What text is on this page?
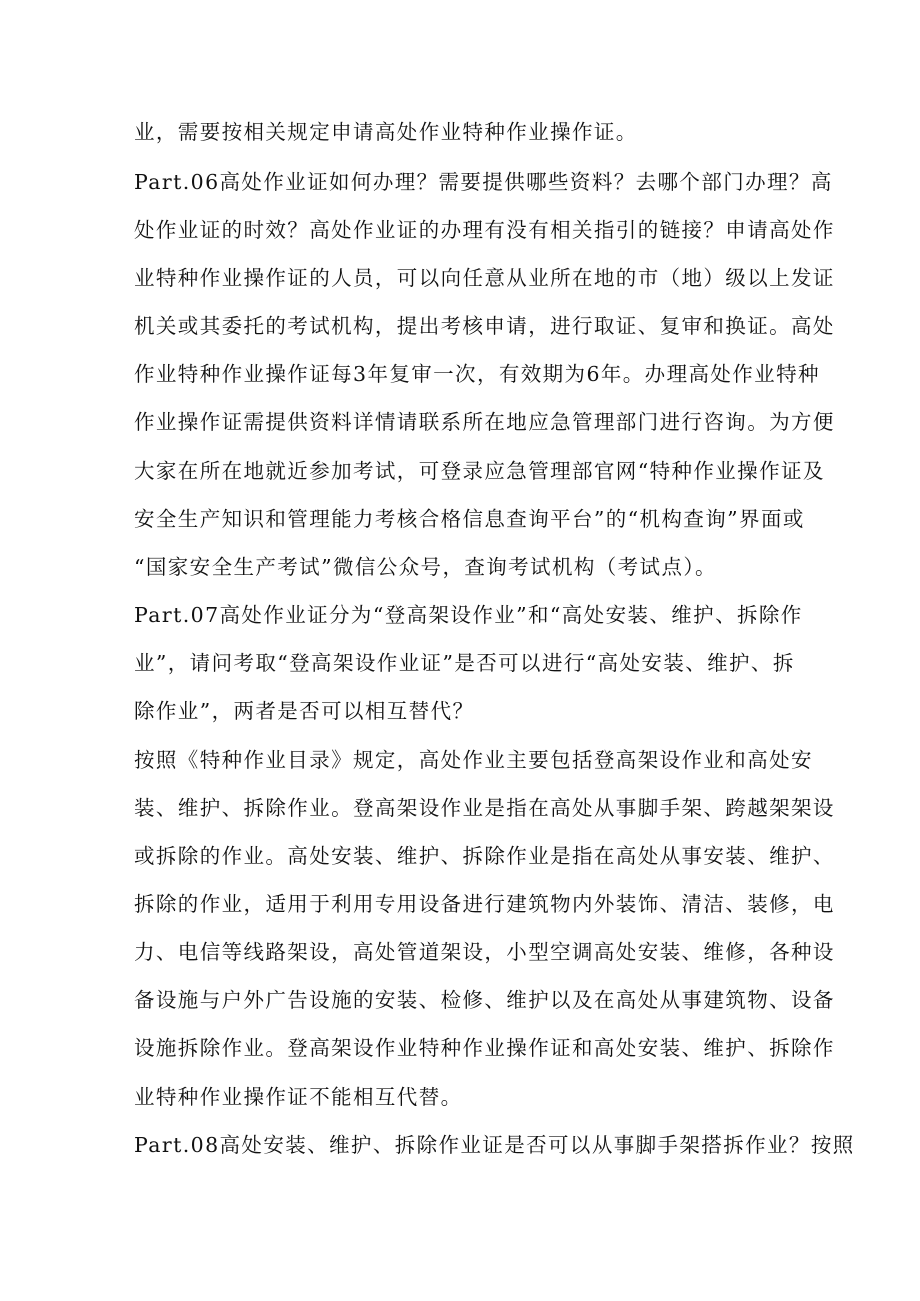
业，需要按相关规定申请高处作业特种作业操作证。
Part.06高处作业证如何办理？需要提供哪些资料？去哪个部门办理？高
处作业证的时效？高处作业证的办理有没有相关指引的链接？申请高处作
业特种作业操作证的人员，可以向任意从业所在地的市（地）级以上发证
机关或其委托的考试机构，提出考核申请，进行取证、复审和换证。高处
作业特种作业操作证每3年复审一次，有效期为6年。办理高处作业特种
作业操作证需提供资料详情请联系所在地应急管理部门进行咨询。为方便
大家在所在地就近参加考试，可登录应急管理部官网“特种作业操作证及
安全生产知识和管理能力考核合格信息查询平台”的“机构查询”界面或
“国家安全生产考试”微信公众号，查询考试机构（考试点）。
Part.07高处作业证分为“登高架设作业”和“高处安装、维护、拆除作
业”，请问考取“登高架设作业证”是否可以进行“高处安装、维护、拆
除作业”，两者是否可以相互替代？
按照《特种作业目录》规定，高处作业主要包括登高架设作业和高处安
装、维护、拆除作业。登高架设作业是指在高处从事脚手架、跨越架架设
或拆除的作业。高处安装、维护、拆除作业是指在高处从事安装、维护、
拆除的作业，适用于利用专用设备进行建筑物内外装饰、清洁、装修，电
力、电信等线路架设，高处管道架设，小型空调高处安装、维修，各种设
备设施与户外广告设施的安装、检修、维护以及在高处从事建筑物、设备
设施拆除作业。登高架设作业特种作业操作证和高处安装、维护、拆除作
业特种作业操作证不能相互代替。
Part.08高处安装、维护、拆除作业证是否可以从事脚手架搭拆作业？按照
